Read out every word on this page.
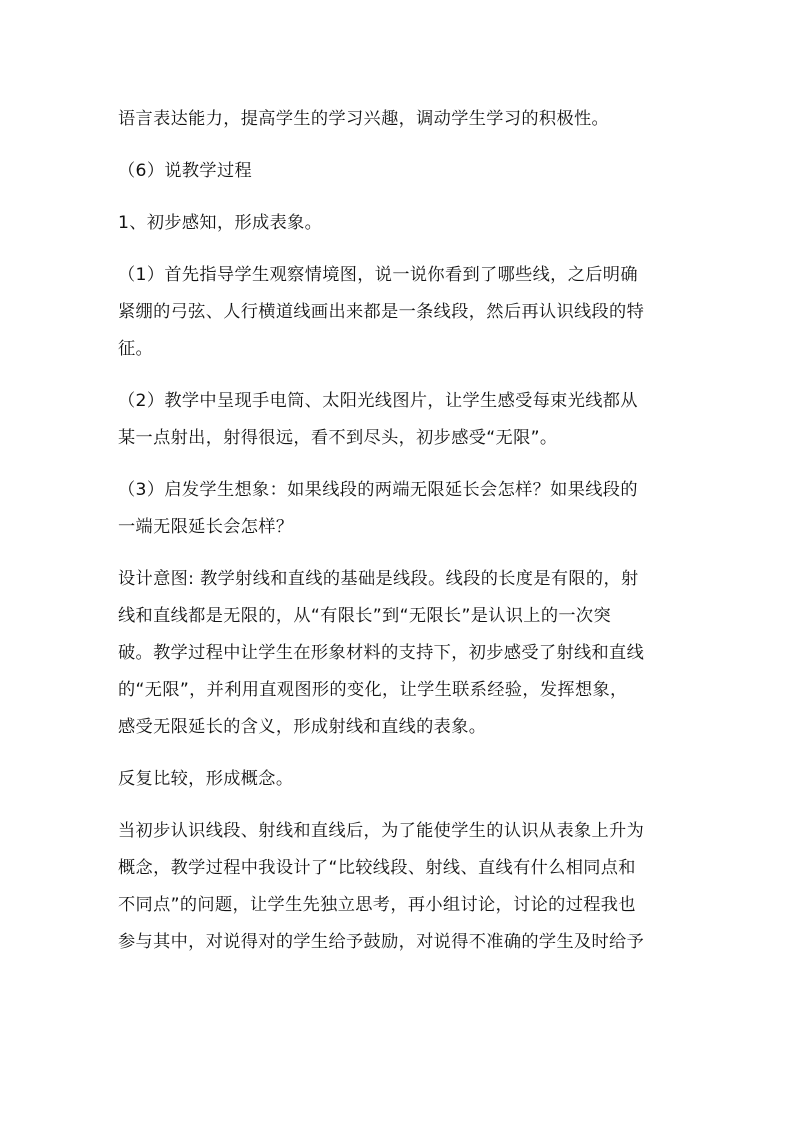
语言表达能力，提高学生的学习兴趣，调动学生学习的积极性。

（6）说教学过程

1、初步感知，形成表象。

（1）首先指导学生观察情境图，说一说你看到了哪些线，之后明确
紧绷的弓弦、人行横道线画出来都是一条线段，然后再认识线段的特
征。

（2）教学中呈现手电筒、太阳光线图片，让学生感受每束光线都从
某一点射出，射得很远，看不到尽头，初步感受“无限”。

（3）启发学生想象：如果线段的两端无限延长会怎样？如果线段的
一端无限延长会怎样？

设计意图: 教学射线和直线的基础是线段。线段的长度是有限的，射
线和直线都是无限的，从“有限长”到“无限长”是认识上的一次突
破。教学过程中让学生在形象材料的支持下，初步感受了射线和直线
的“无限”，并利用直观图形的变化，让学生联系经验，发挥想象，
感受无限延长的含义，形成射线和直线的表象。

反复比较，形成概念。

当初步认识线段、射线和直线后，为了能使学生的认识从表象上升为
概念，教学过程中我设计了“比较线段、射线、直线有什么相同点和
不同点”的问题，让学生先独立思考，再小组讨论，讨论的过程我也
参与其中，对说得对的学生给予鼓励，对说得不准确的学生及时给予
